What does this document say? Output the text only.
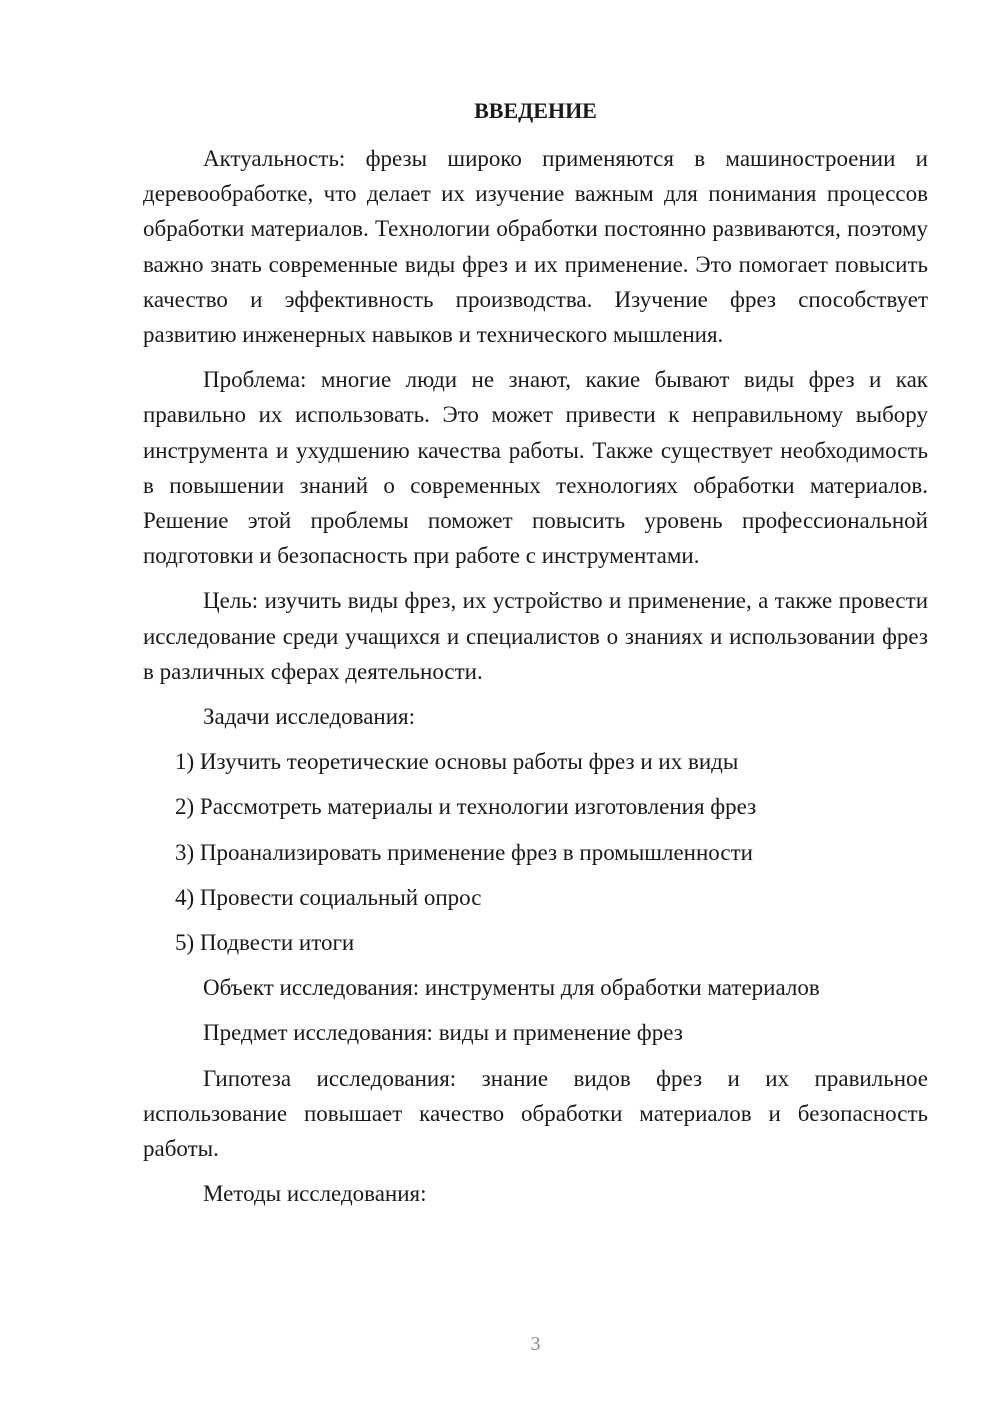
ВВЕДЕНИЕ

Актуальность: фрезы широко применяются в машиностроении и деревообработке, что делает их изучение важным для понимания процессов обработки материалов. Технологии обработки постоянно развиваются, поэтому важно знать современные виды фрез и их применение. Это помогает повысить качество и эффективность производства. Изучение фрез способствует развитию инженерных навыков и технического мышления.

Проблема: многие люди не знают, какие бывают виды фрез и как правильно их использовать. Это может привести к неправильному выбору инструмента и ухудшению качества работы. Также существует необходимость в повышении знаний о современных технологиях обработки материалов. Решение этой проблемы поможет повысить уровень профессиональной подготовки и безопасность при работе с инструментами.

Цель: изучить виды фрез, их устройство и применение, а также провести исследование среди учащихся и специалистов о знаниях и использовании фрез в различных сферах деятельности.

Задачи исследования:

1) Изучить теоретические основы работы фрез и их виды

2) Рассмотреть материалы и технологии изготовления фрез

3) Проанализировать применение фрез в промышленности

4) Провести социальный опрос

5) Подвести итоги

Объект исследования: инструменты для обработки материалов

Предмет исследования: виды и применение фрез

Гипотеза исследования: знание видов фрез и их правильное использование повышает качество обработки материалов и безопасность работы.

Методы исследования:

3
